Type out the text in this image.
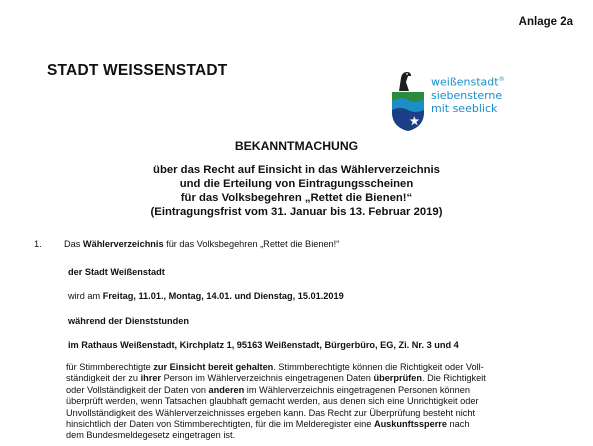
Anlage 2a
STADT WEISSENSTADT
weißenstadt®
siebensterne
mit seeblick
BEKANNTMACHUNG
über das Recht auf Einsicht in das Wählerverzeichnis
und die Erteilung von Eintragungsscheinen
für das Volksbegehren „Rettet die Bienen!“
(Eintragungsfrist vom 31. Januar bis 13. Februar 2019)
1. Das Wählerverzeichnis für das Volksbegehren „Rettet die Bienen!“
der Stadt Weißenstadt
wird am Freitag, 11.01., Montag, 14.01. und Dienstag, 15.01.2019
während der Dienststunden
im Rathaus Weißenstadt, Kirchplatz 1, 95163 Weißenstadt, Bürgerbüro, EG, Zi. Nr. 3 und 4
für Stimmberechtigte zur Einsicht bereit gehalten. Stimmberechtigte können die Richtigkeit oder Voll-
ständigkeit der zu ihrer Person im Wählerverzeichnis eingetragenen Daten überprüfen. Die Richtigkeit
oder Vollständigkeit der Daten von anderen im Wählerverzeichnis eingetragenen Personen können
überprüft werden, wenn Tatsachen glaubhaft gemacht werden, aus denen sich eine Unrichtigkeit oder
Unvollständigkeit des Wählerverzeichnisses ergeben kann. Das Recht zur Überprüfung besteht nicht
hinsichtlich der Daten von Stimmberechtigten, für die im Melderegister eine Auskunftssperre nach
dem Bundesmeldegesetz eingetragen ist.
